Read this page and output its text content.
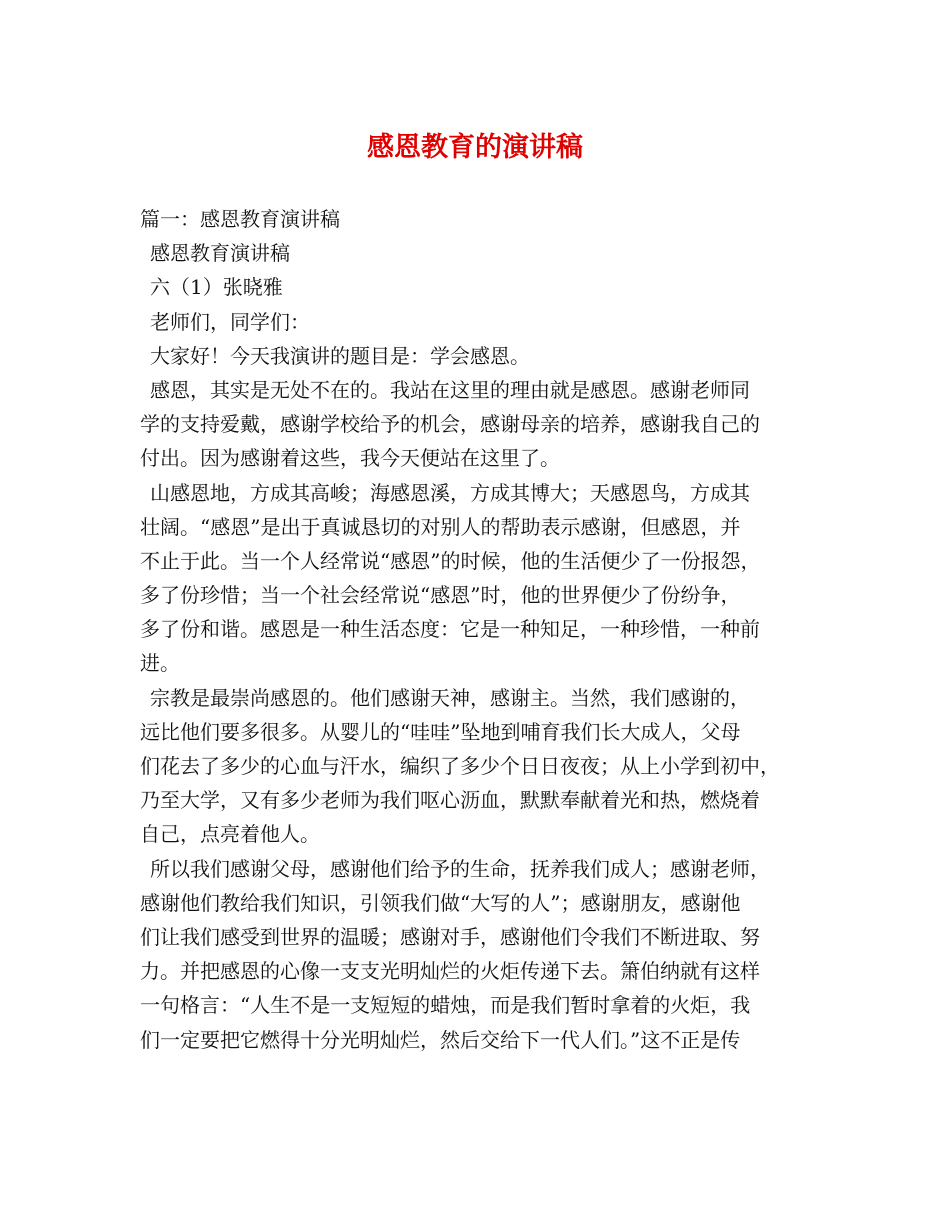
感恩教育的演讲稿
篇一：感恩教育演讲稿
感恩教育演讲稿
六（1）张晓雅
老师们，同学们：
大家好！今天我演讲的题目是：学会感恩。
感恩，其实是无处不在的。我站在这里的理由就是感恩。感谢老师同
学的支持爱戴，感谢学校给予的机会，感谢母亲的培养，感谢我自己的
付出。因为感谢着这些，我今天便站在这里了。
山感恩地，方成其高峻；海感恩溪，方成其博大；天感恩鸟，方成其
壮阔。“感恩”是出于真诚恳切的对别人的帮助表示感谢，但感恩，并
不止于此。当一个人经常说“感恩”的时候，他的生活便少了一份报怨，
多了份珍惜；当一个社会经常说“感恩”时，他的世界便少了份纷争，
多了份和谐。感恩是一种生活态度：它是一种知足，一种珍惜，一种前
进。
宗教是最崇尚感恩的。他们感谢天神，感谢主。当然，我们感谢的，
远比他们要多很多。从婴儿的“哇哇”坠地到哺育我们长大成人，父母
们花去了多少的心血与汗水，编织了多少个日日夜夜；从上小学到初中，
乃至大学，又有多少老师为我们呕心沥血，默默奉献着光和热，燃烧着
自己，点亮着他人。
所以我们感谢父母，感谢他们给予的生命，抚养我们成人；感谢老师，
感谢他们教给我们知识，引领我们做“大写的人”；感谢朋友，感谢他
们让我们感受到世界的温暖；感谢对手，感谢他们令我们不断进取、努
力。并把感恩的心像一支支光明灿烂的火炬传递下去。箫伯纳就有这样
一句格言：“人生不是一支短短的蜡烛，而是我们暂时拿着的火炬，我
们一定要把它燃得十分光明灿烂，然后交给下一代人们。”这不正是传
